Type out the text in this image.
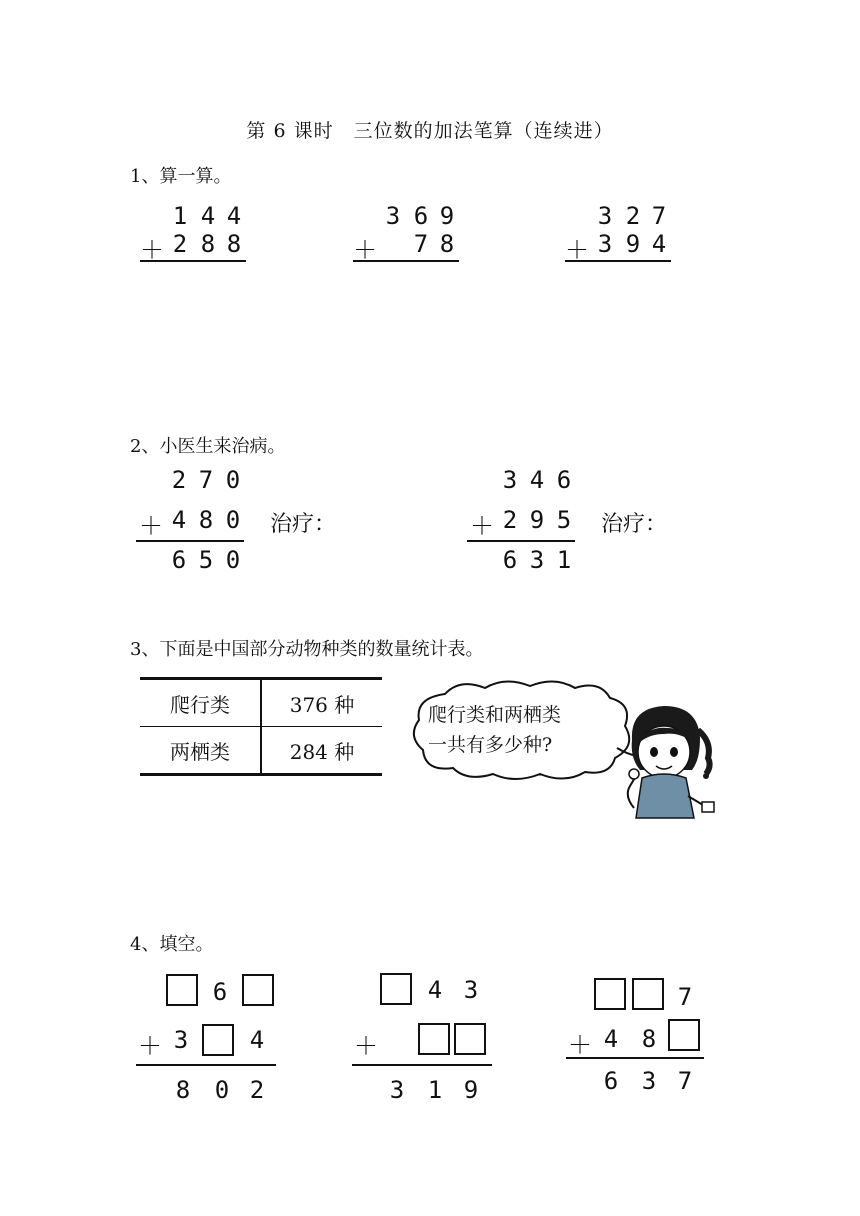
第 6 课时　三位数的加法笔算（连续进）
1、算一算。
1 4 4
＋ 2 8 8
3 6 9
＋ 7 8
3 2 7
＋ 3 9 4
2、小医生来治病。
2 7 0
＋ 4 8 0
6 5 0
治疗：
3 4 6
＋ 2 9 5
6 3 1
治疗：
3、下面是中国部分动物种类的数量统计表。
爬行类	376 种
两栖类	284 种
爬行类和两栖类
一共有多少种?
4、填空。
6
＋ 3	4
8 0 2
4 3
＋
3 1 9
7
＋ 4 8
6 3 7
